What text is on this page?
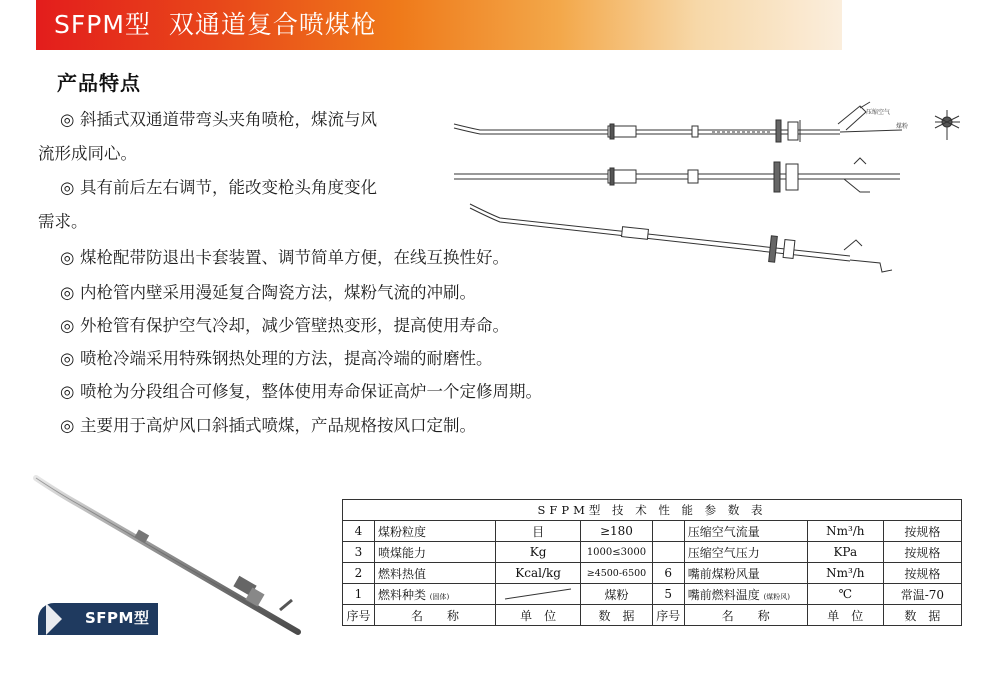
SFPM型 双通道复合喷煤枪
产品特点
◎ 斜插式双通道带弯头夹角喷枪，煤流与风
流形成同心。
◎ 具有前后左右调节，能改变枪头角度变化
需求。
◎ 煤枪配带防退出卡套装置、调节简单方便，在线互换性好。
◎ 内枪管内壁采用漫延复合陶瓷方法，煤粉气流的冲刷。
◎ 外枪管有保护空气冷却，减少管壁热变形，提高使用寿命。
◎ 喷枪冷端采用特殊钢热处理的方法，提高冷端的耐磨性。
◎ 喷枪为分段组合可修复，整体使用寿命保证高炉一个定修周期。
◎ 主要用于高炉风口斜插式喷煤，产品规格按风口定制。
压缩空气
煤粉
SFPM型
SFPM型 技 术 性 能 参 数 表							
4	煤粉粒度	目	≥180		压缩空气流量	Nm³/h	按规格
3	喷煤能力	Kg	1000≤3000		压缩空气压力	KPa	按规格
2	燃料热值	Kcal/kg	≥4500-6500	6	嘴前煤粉风量	Nm³/h	按规格
1	燃料种类 (固体)		煤粉	5	嘴前燃料温度 (煤粉风)	℃	常温-70
序号	名　　称	单　位	数　据	序号	名　　称	单　位	数　据
